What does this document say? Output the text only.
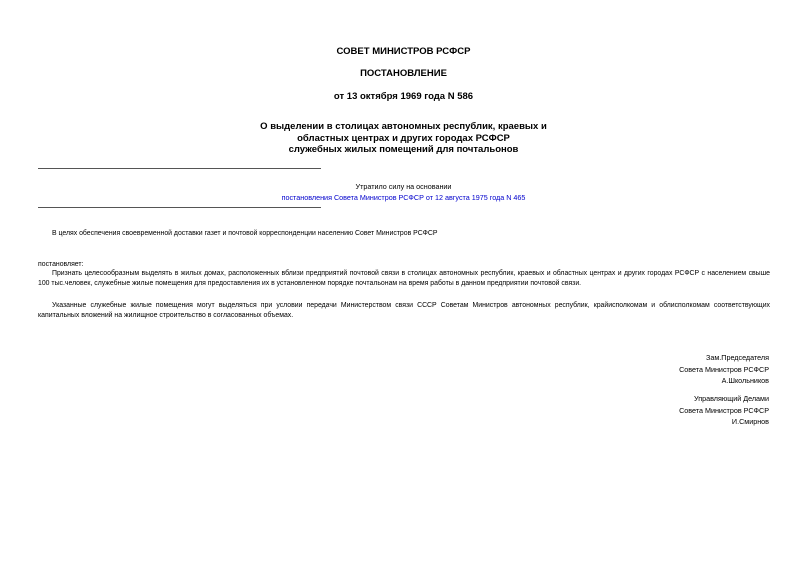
СОВЕТ МИНИСТРОВ РСФСР
ПОСТАНОВЛЕНИЕ
от 13 октября 1969 года N 586
О выделении в столицах автономных республик, краевых и
областных центрах и других городах РСФСР
служебных жилых помещений для почтальонов
Утратило силу на основании
постановления Совета Министров РСФСР от 12 августа 1975 года N 465
В целях обеспечения своевременной доставки газет и почтовой корреспонденции населению Совет Министров РСФСР
постановляет:
Признать целесообразным выделять в жилых домах, расположенных вблизи предприятий почтовой связи в столицах автономных республик, краевых и областных центрах и других городах РСФСР с населением свыше 100 тыс.человек, служебные жилые помещения для предоставления их в установленном порядке почтальонам на время работы в данном предприятии почтовой связи.
Указанные служебные жилые помещения могут выделяться при условии передачи Министерством связи СССР Советам Министров автономных республик, крайисполкомам и облисполкомам соответствующих капитальных вложений на жилищное строительство в согласованных объемах.
Зам.Председателя
Совета Министров РСФСР
А.Школьников
Управляющий Делами
Совета Министров РСФСР
И.Смирнов
